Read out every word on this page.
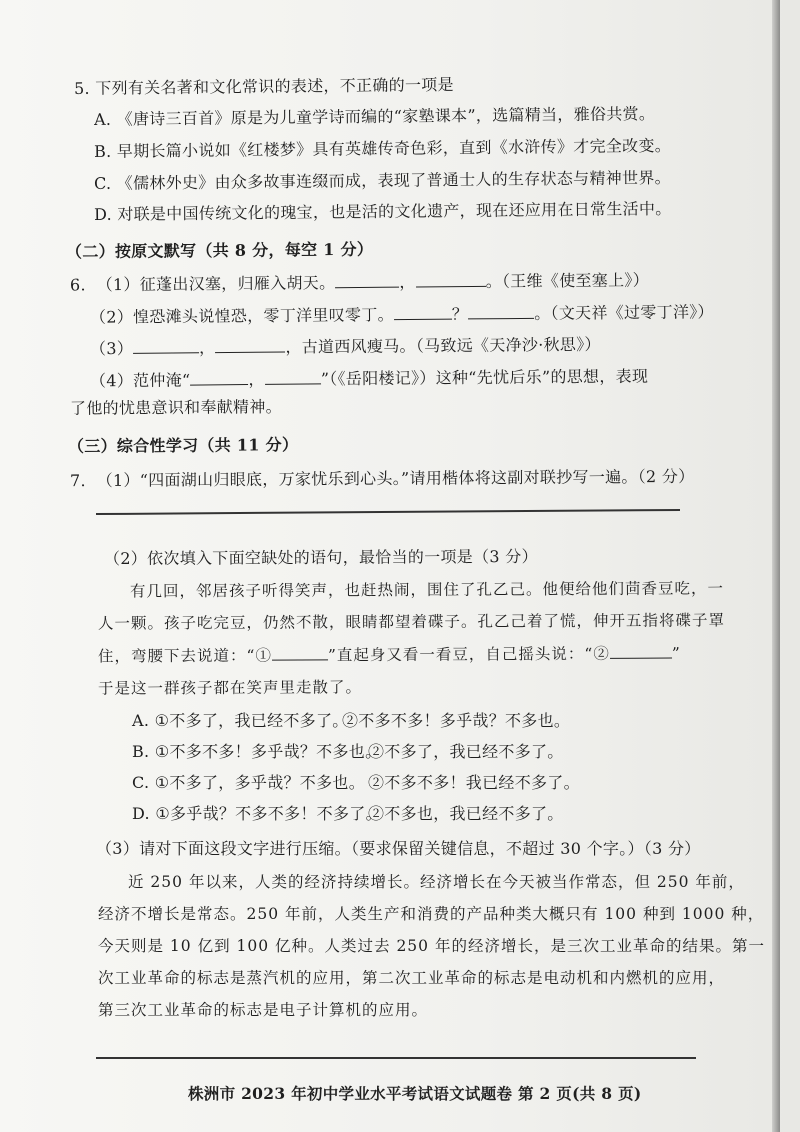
5. 下列有关名著和文化常识的表述，不正确的一项是
A. 《唐诗三百首》原是为儿童学诗而编的“家塾课本”，选篇精当，雅俗共赏。
B. 早期长篇小说如《红楼梦》具有英雄传奇色彩，直到《水浒传》才完全改变。
C. 《儒林外史》由众多故事连缀而成，表现了普通士人的生存状态与精神世界。
D. 对联是中国传统文化的瑰宝，也是活的文化遗产，现在还应用在日常生活中。
（二）按原文默写（共 8 分，每空 1 分）
6. （1）征蓬出汉塞，归雁入胡天。	，	。（王维《使至塞上》）
（2）惶恐滩头说惶恐，零丁洋里叹零丁。	？	。（文天祥《过零丁洋》）
（3）	，	，古道西风瘦马。（马致远《天净沙·秋思》）
（4）范仲淹“	，	”（《岳阳楼记》）这种“先忧后乐”的思想，表现
了他的忧患意识和奉献精神。
（三）综合性学习（共 11 分）
7. （1）“四面湖山归眼底，万家忧乐到心头。”请用楷体将这副对联抄写一遍。（2 分）
（2）依次填入下面空缺处的语句，最恰当的一项是（3 分）
有几回，邻居孩子听得笑声，也赶热闹，围住了孔乙己。他便给他们茴香豆吃，一
人一颗。孩子吃完豆，仍然不散，眼睛都望着碟子。孔乙己着了慌，伸开五指将碟子罩
住，弯腰下去说道：“①	”直起身又看一看豆，自己摇头说：“②	”
于是这一群孩子都在笑声里走散了。
A. ①不多了，我已经不多了。
②不多不多！多乎哉？不多也。
B. ①不多不多！多乎哉？不多也。
②不多了，我已经不多了。
C. ①不多了，多乎哉？不多也。 ②不多不多！我已经不多了。
D. ①多乎哉？不多不多！不多了。
②不多也，我已经不多了。
（3）请对下面这段文字进行压缩。（要求保留关键信息，不超过 30 个字。）（3 分）
近 250 年以来，人类的经济持续增长。经济增长在今天被当作常态，但 250 年前，
经济不增长是常态。250 年前，人类生产和消费的产品种类大概只有 100 种到 1000 种，
今天则是 10 亿到 100 亿种。人类过去 250 年的经济增长，是三次工业革命的结果。第一
次工业革命的标志是蒸汽机的应用，第二次工业革命的标志是电动机和内燃机的应用，
第三次工业革命的标志是电子计算机的应用。
株洲市 2023 年初中学业水平考试语文试题卷 第 2 页(共 8 页)
